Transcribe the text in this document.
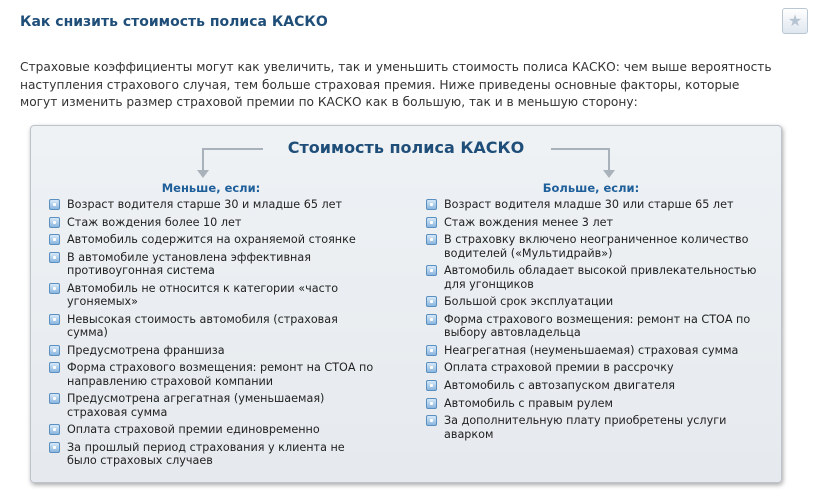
Как снизить стоимость полиса КАСКО	★

Страховые коэффициенты могут как увеличить, так и уменьшить стоимость полиса КАСКО: чем выше вероятность наступления страхового случая, тем больше страховая премия. Ниже приведены основные факторы, которые могут изменить размер страховой премии по КАСКО как в большую, так и в меньшую сторону:

Стоимость полиса КАСКО
Меньше, если:	Больше, если:
Возраст водителя старше 30 и младше 65 лет
Стаж вождения более 10 лет
Автомобиль содержится на охраняемой стоянке
В автомобиле установлена эффективная противоугонная система
Автомобиль не относится к категории «часто угоняемых»
Невысокая стоимость автомобиля (страховая сумма)
Предусмотрена франшиза
Форма страхового возмещения: ремонт на СТОА по направлению страховой компании
Предусмотрена агрегатная (уменьшаемая) страховая сумма
Оплата страховой премии единовременно
За прошлый период страхования у клиента не было страховых случаев
Возраст водителя младше 30 или старше 65 лет
Стаж вождения менее 3 лет
В страховку включено неограниченное количество водителей («Мультидрайв»)
Автомобиль обладает высокой привлекательностью для угонщиков
Большой срок эксплуатации
Форма страхового возмещения: ремонт на СТОА по выбору автовладельца
Неагрегатная (неуменьшаемая) страховая сумма
Оплата страховой премии в рассрочку
Автомобиль с автозапуском двигателя
Автомобиль с правым рулем
За дополнительную плату приобретены услуги аварком
